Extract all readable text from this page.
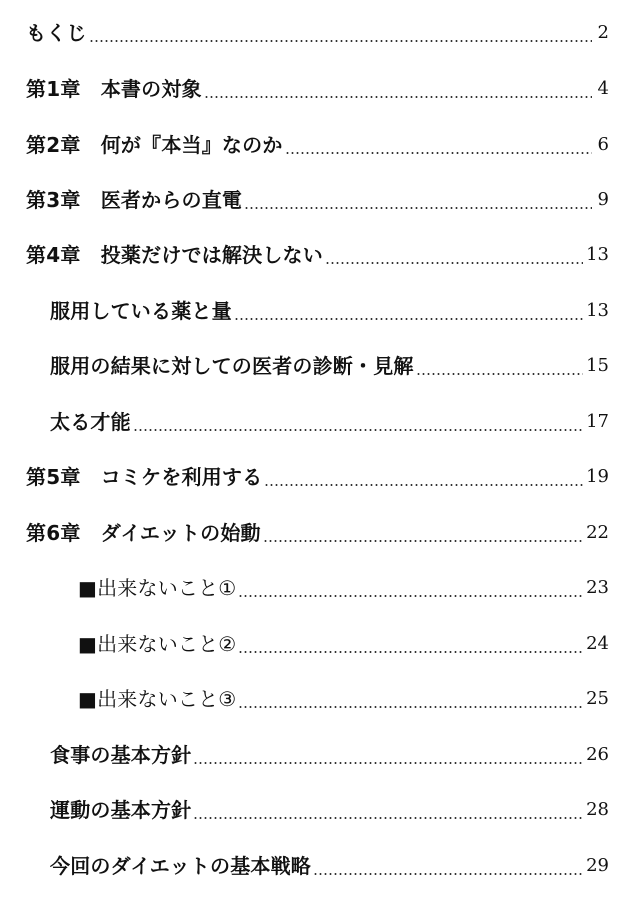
もくじ	2
第1章　本書の対象	4
第2章　何が『本当』なのか	6
第3章　医者からの直電	9
第4章　投薬だけでは解決しない	13
服用している薬と量	13
服用の結果に対しての医者の診断・見解	15
太る才能	17
第5章　コミケを利用する	19
第6章　ダイエットの始動	22
■出来ないこと①	23
■出来ないこと②	24
■出来ないこと③	25
食事の基本方針	26
運動の基本方針	28
今回のダイエットの基本戦略	29
